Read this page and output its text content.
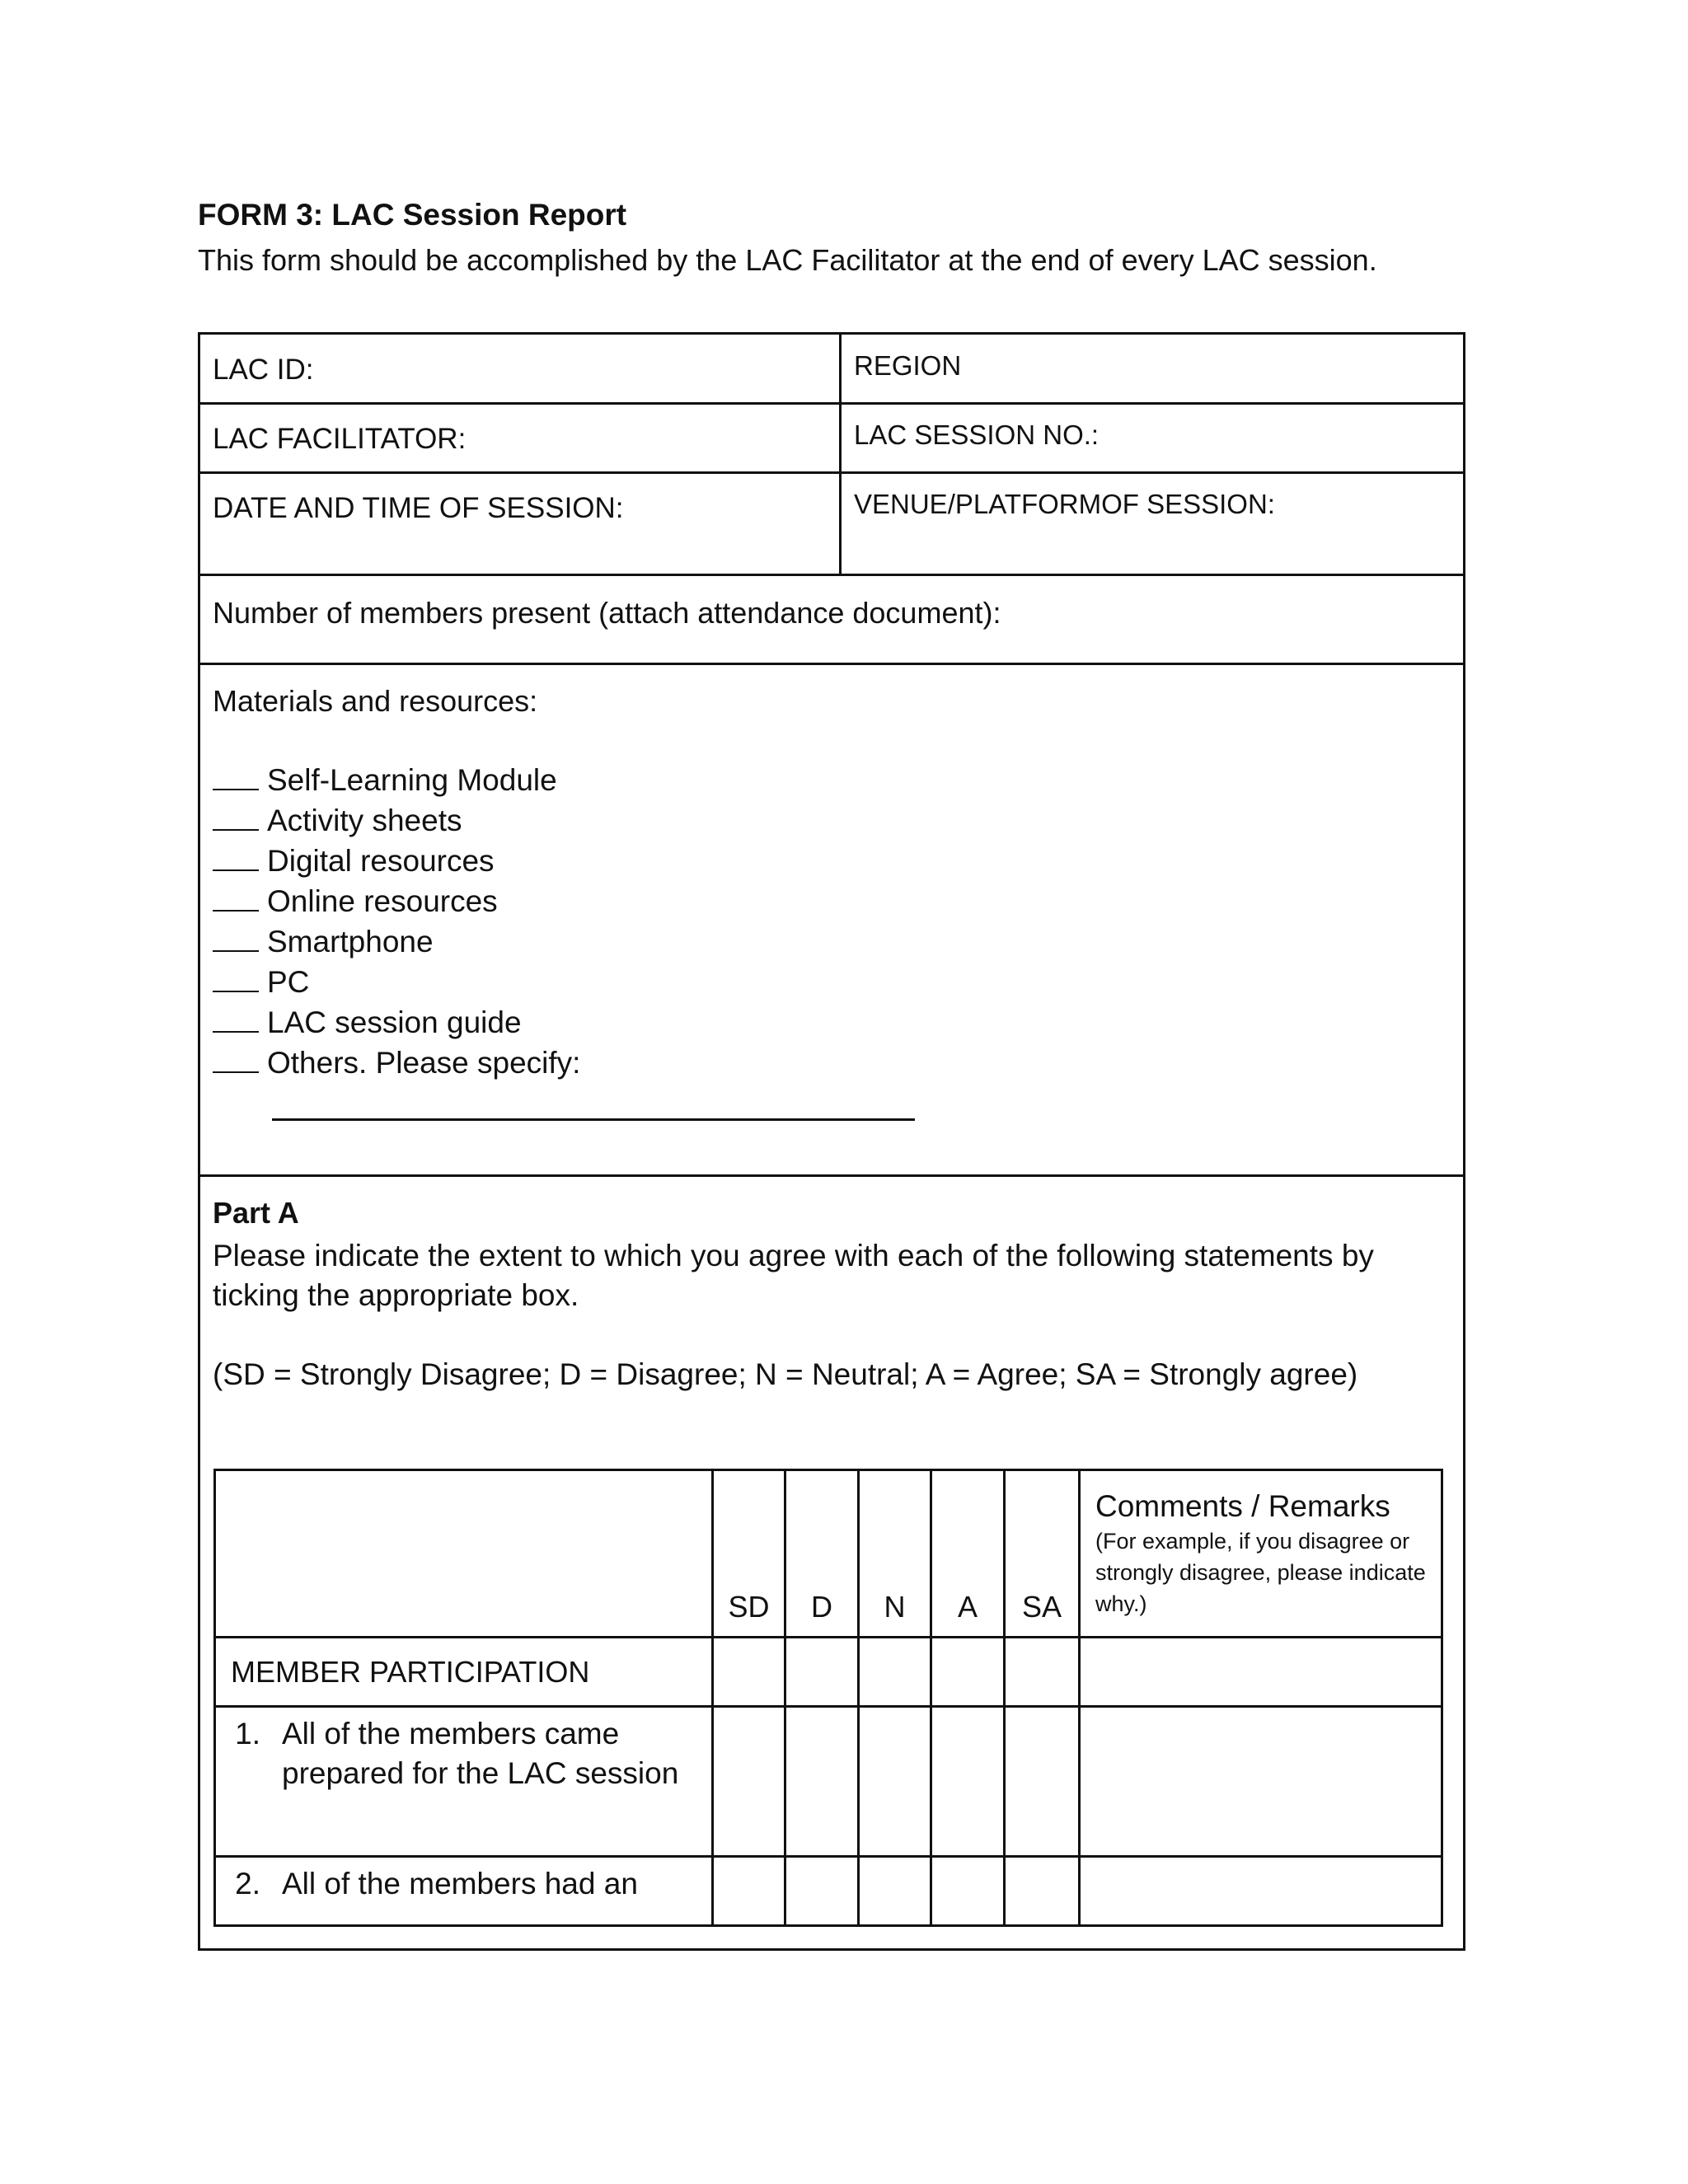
FORM 3: LAC Session Report
This form should be accomplished by the LAC Facilitator at the end of every LAC session.
LAC ID:	REGION
LAC FACILITATOR:	LAC SESSION NO.:
DATE AND TIME OF SESSION:	VENUE/PLATFORMOF SESSION:
Number of members present (attach attendance document):
Materials and resources:
Self-Learning Module
Activity sheets
Digital resources
Online resources
Smartphone
PC
LAC session guide
Others. Please specify:
Part A
Please indicate the extent to which you agree with each of the following statements by ticking the appropriate box.
(SD = Strongly Disagree; D = Disagree; N = Neutral; A = Agree; SA = Strongly agree)
	SD	D	N	A	SA	Comments / Remarks
(For example, if you disagree or strongly disagree, please indicate why.)

MEMBER PARTICIPATION						

1. All of the members came prepared for the LAC session						

2. All of the members had an						
